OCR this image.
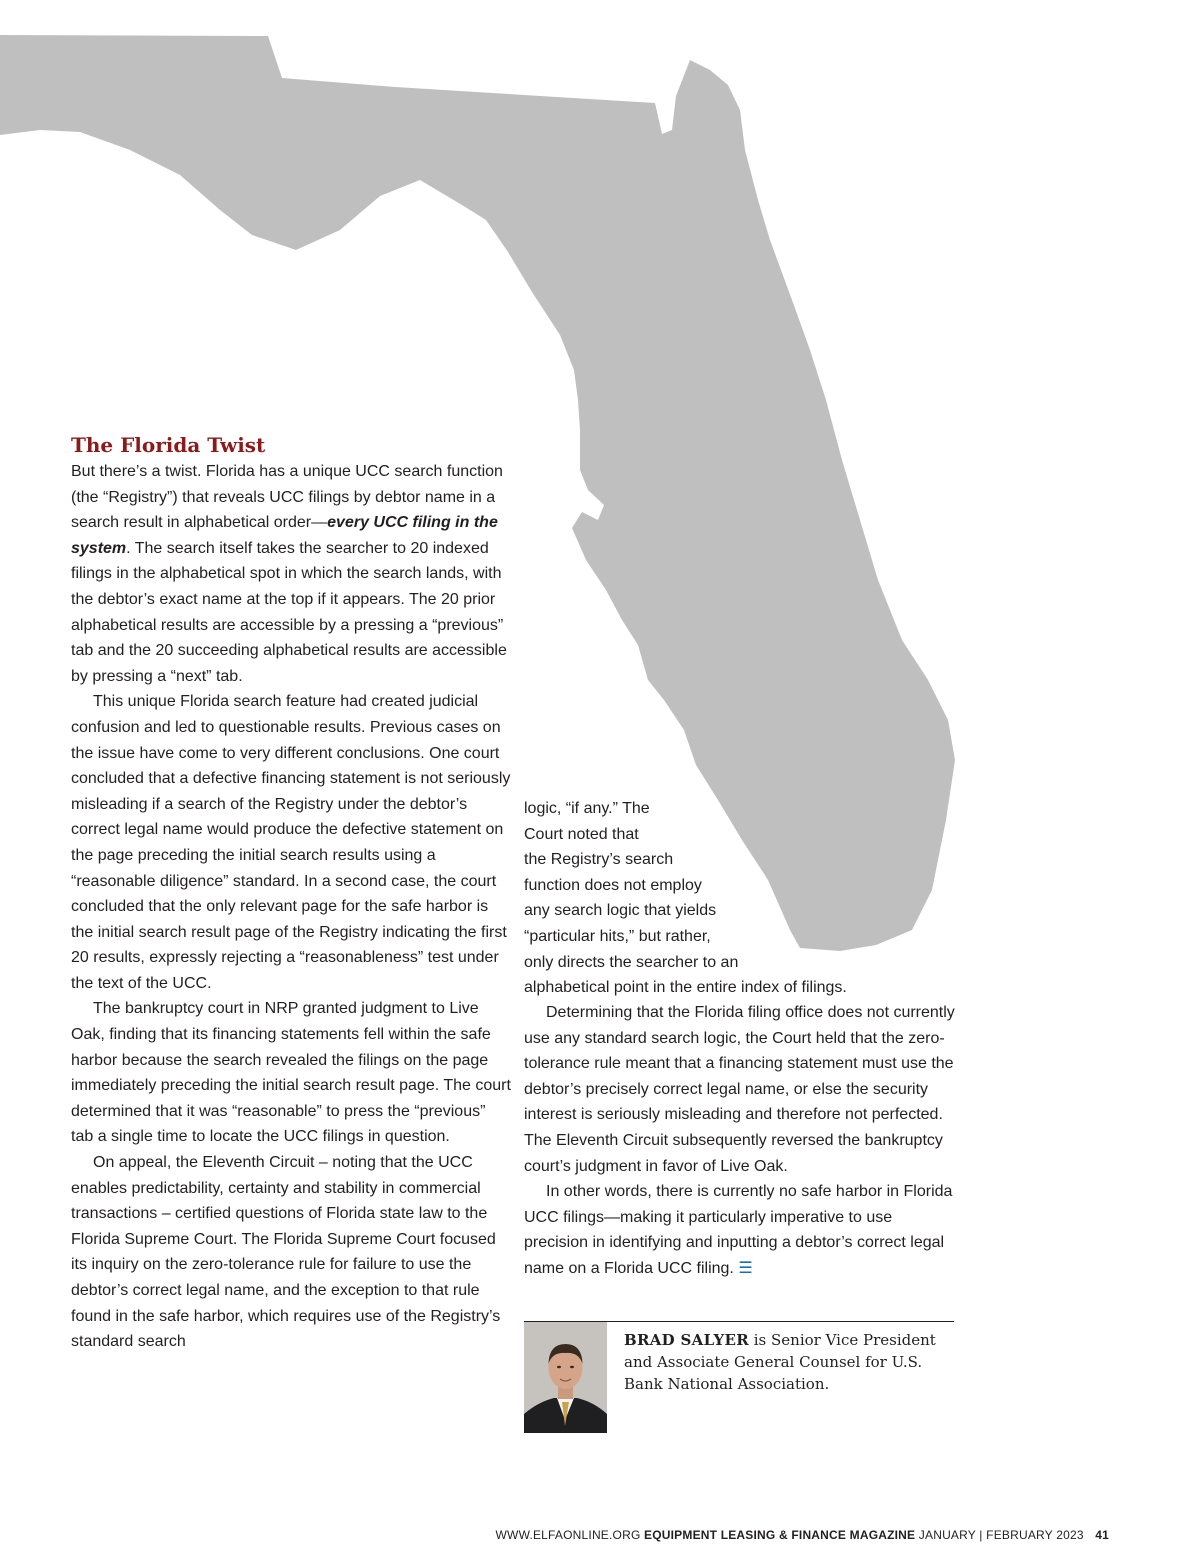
The Florida Twist

But there’s a twist. Florida has a unique UCC search function (the “Registry”) that reveals UCC filings by debtor name in a search result in alphabetical order—every UCC filing in the system. The search itself takes the searcher to 20 indexed filings in the alphabetical spot in which the search lands, with the debtor’s exact name at the top if it appears. The 20 prior alphabetical results are accessible by a pressing a “previous” tab and the 20 succeeding alphabetical results are accessible by pressing a “next” tab.

This unique Florida search feature had created judicial confusion and led to questionable results. Previous cases on the issue have come to very different conclusions. One court concluded that a defective financing statement is not seriously misleading if a search of the Registry under the debtor’s correct legal name would produce the defective statement on the page preceding the initial search results using a “reasonable diligence” standard. In a second case, the court concluded that the only relevant page for the safe harbor is the initial search result page of the Registry indicating the first 20 results, expressly rejecting a “reasonableness” test under the text of the UCC.

The bankruptcy court in NRP granted judgment to Live Oak, finding that its financing statements fell within the safe harbor because the search revealed the filings on the page immediately preceding the initial search result page. The court determined that it was “reasonable” to press the “previous” tab a single time to locate the UCC filings in question.

On appeal, the Eleventh Circuit – noting that the UCC enables predictability, certainty and stability in commercial transactions – certified questions of Florida state law to the Florida Supreme Court. The Florida Supreme Court focused its inquiry on the zero-tolerance rule for failure to use the debtor’s correct legal name, and the exception to that rule found in the safe harbor, which requires use of the Registry’s standard search

logic, “if any.” The
Court noted that
the Registry’s search
function does not employ
any search logic that yields
“particular hits,” but rather,
only directs the searcher to an
alphabetical point in the entire index of filings.

Determining that the Florida filing office does not currently use any standard search logic, the Court held that the zero-tolerance rule meant that a financing statement must use the debtor’s precisely correct legal name, or else the security interest is seriously misleading and therefore not perfected. The Eleventh Circuit subsequently reversed the bankruptcy court’s judgment in favor of Live Oak.

In other words, there is currently no safe harbor in Florida UCC filings—making it particularly imperative to use precision in identifying and inputting a debtor’s correct legal name on a Florida UCC filing. ☰

BRAD SALYER is Senior Vice President and Associate General Counsel for U.S. Bank National Association.
WWW.ELFAONLINE.ORG EQUIPMENT LEASING & FINANCE MAGAZINE JANUARY | FEBRUARY 2023 41
